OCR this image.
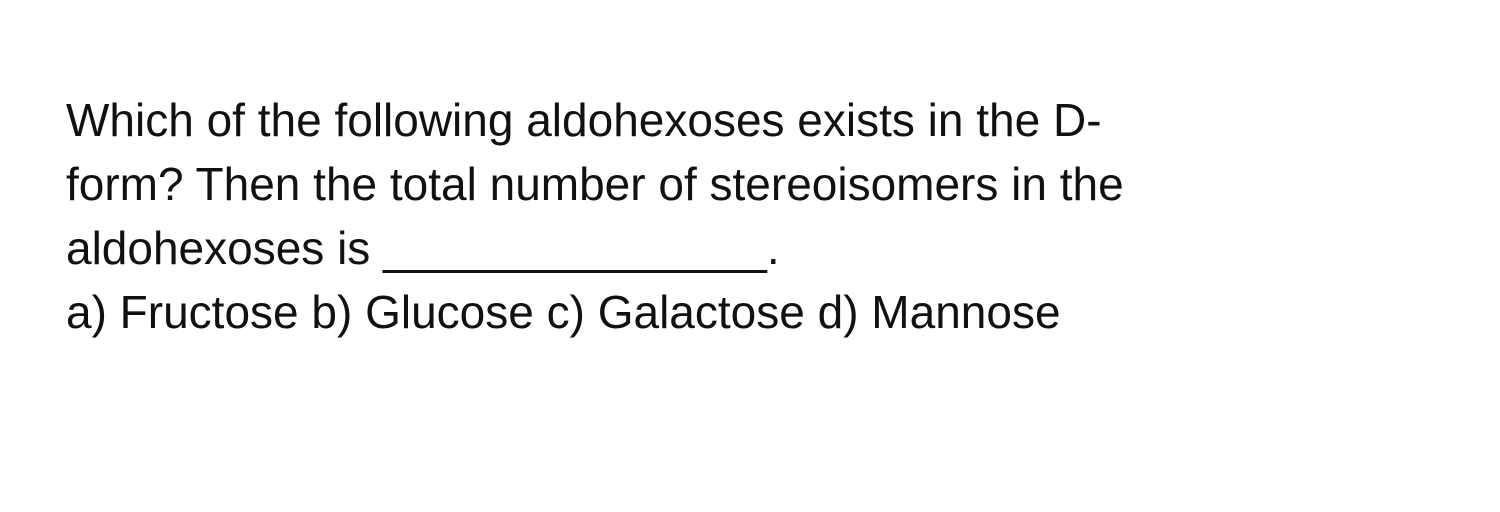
Which of the following aldohexoses exists in the D-
form? Then the total number of stereoisomers in the
aldohexoses is _______________.
a) Fructose b) Glucose c) Galactose d) Mannose
